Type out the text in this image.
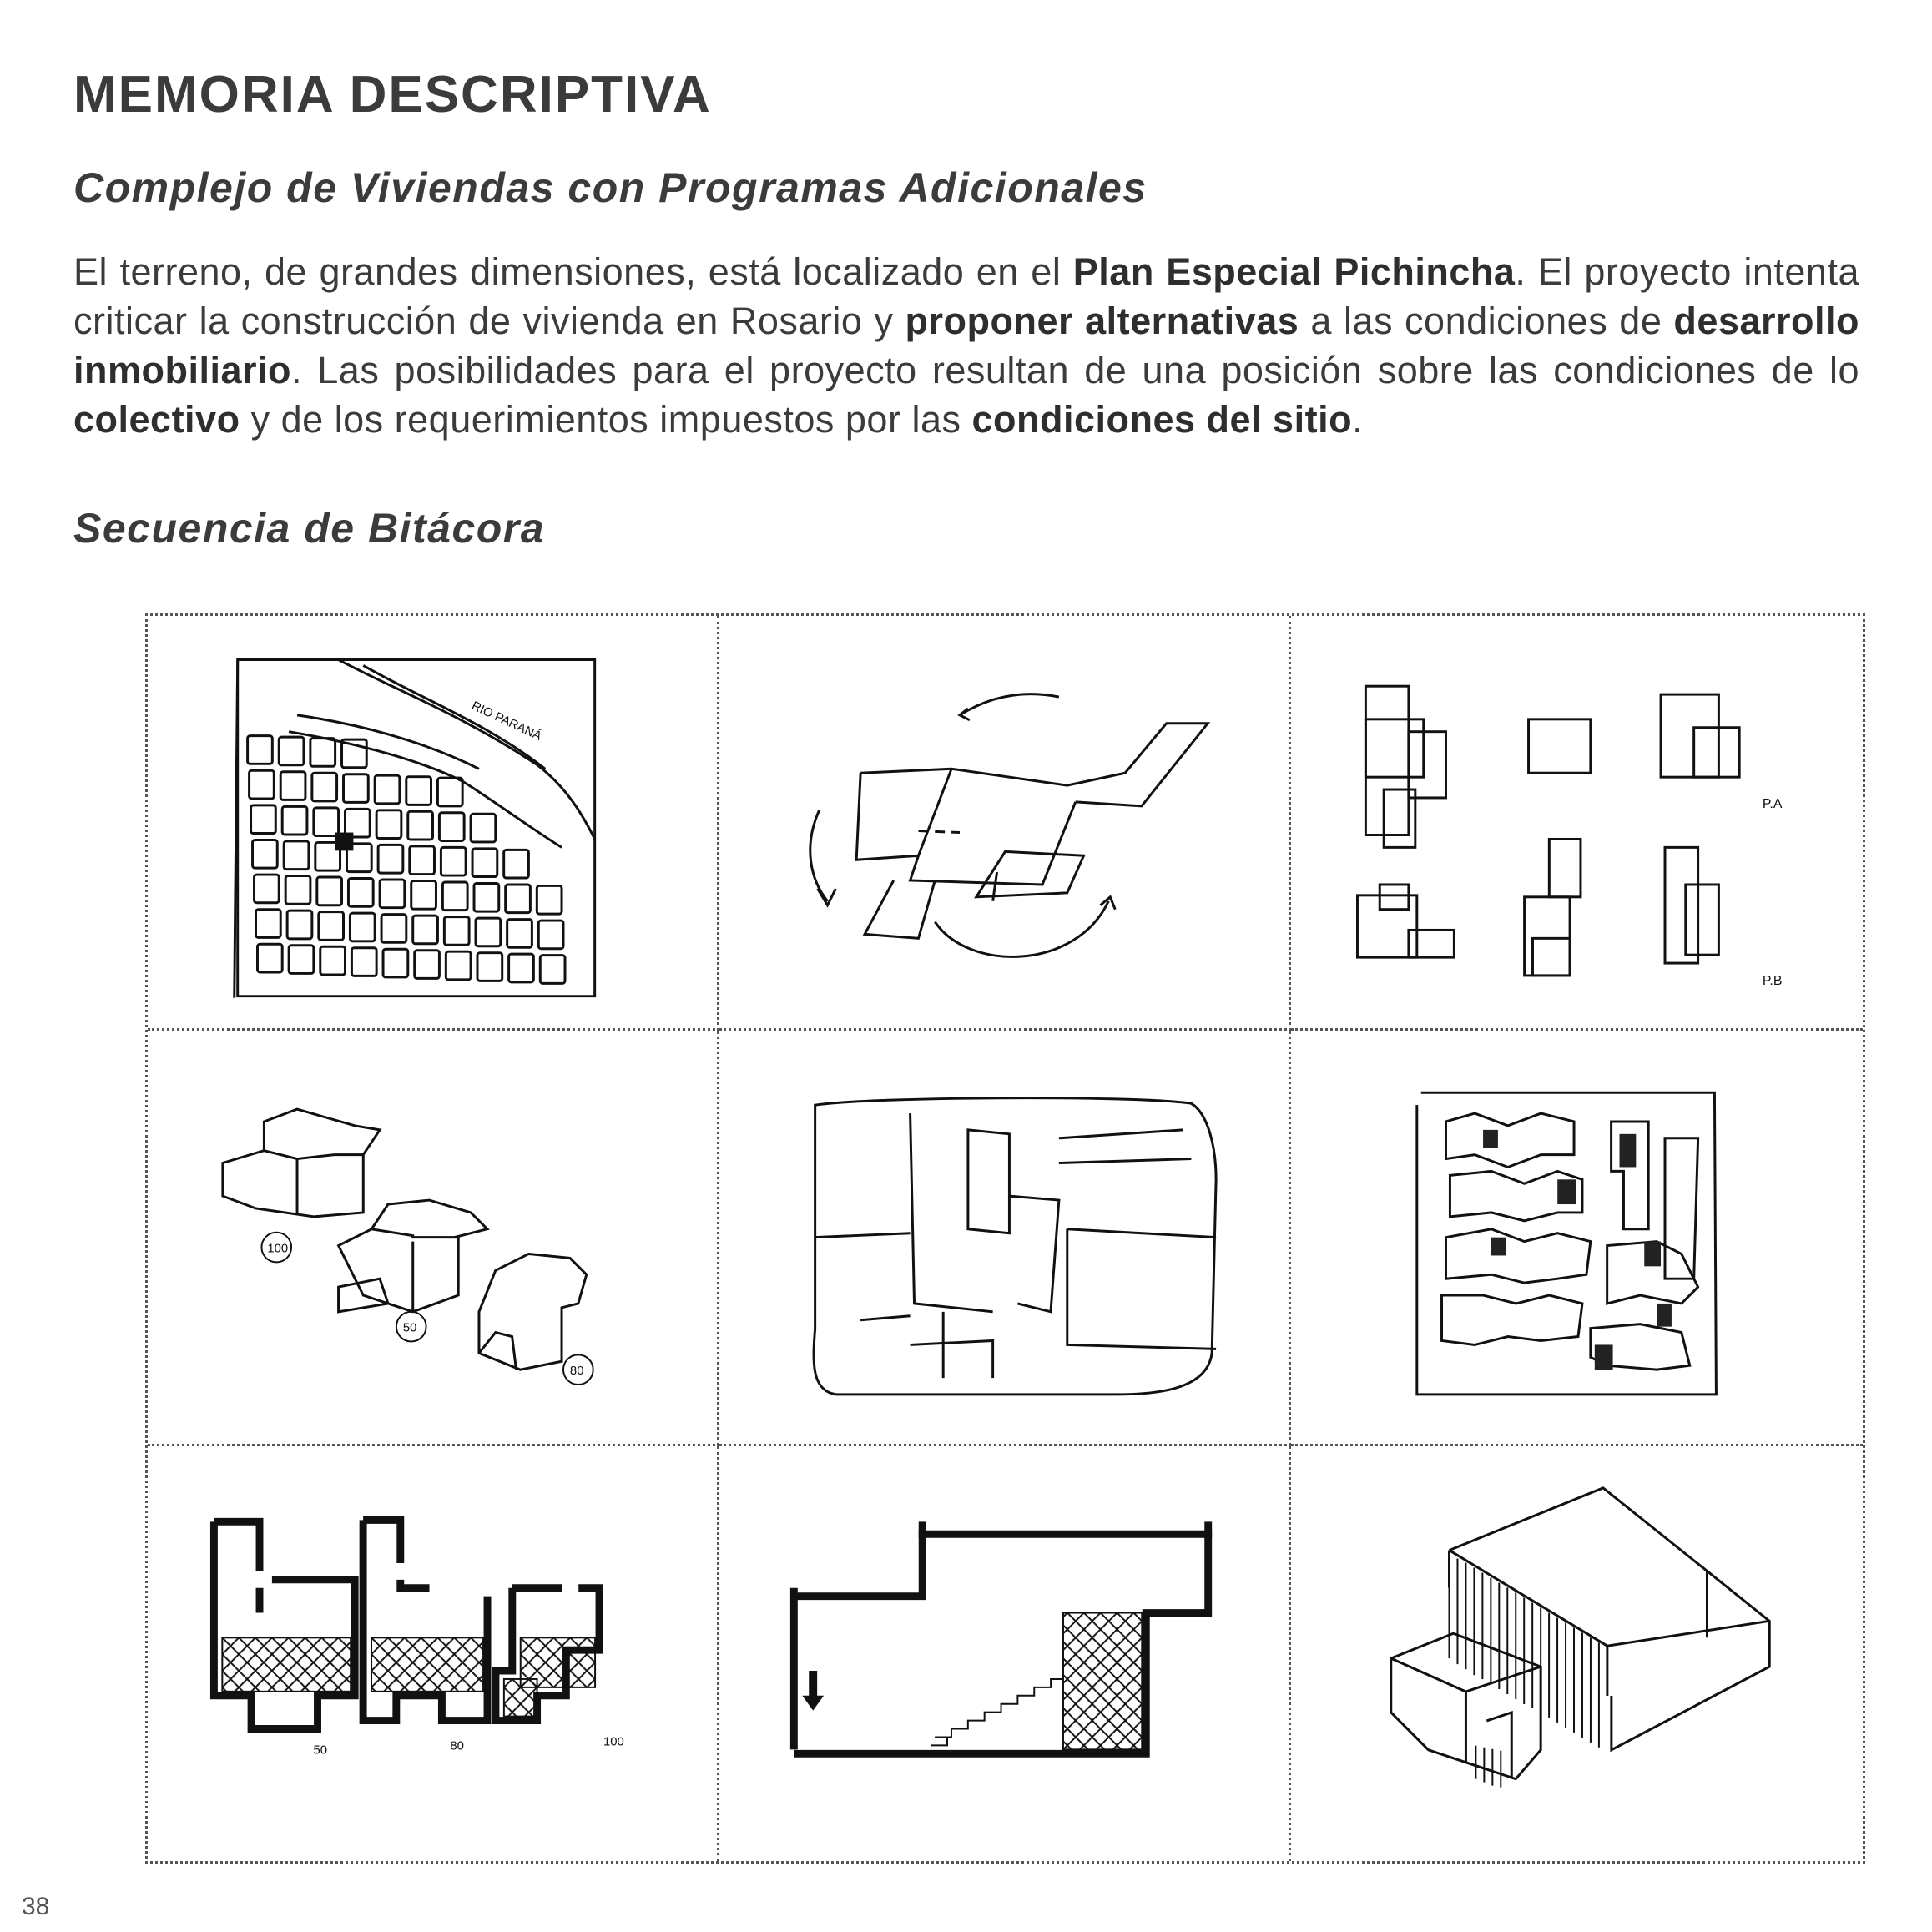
MEMORIA DESCRIPTIVA
Complejo de Viviendas con Programas Adicionales

El terreno, de grandes dimensiones, está localizado en el Plan Especial Pichincha. El proyecto intenta criticar la construcción de vivienda en Rosario y proponer alternativas a las condiciones de desarrollo inmobiliario. Las posibilidades para el proyecto resultan de una posición sobre las condiciones de lo colectivo y de los requerimientos impuestos por las condiciones del sitio.

Secuencia de Bitácora
RIO PARANÁ
P.A
P.B
100
50
80
50	80	100
38
